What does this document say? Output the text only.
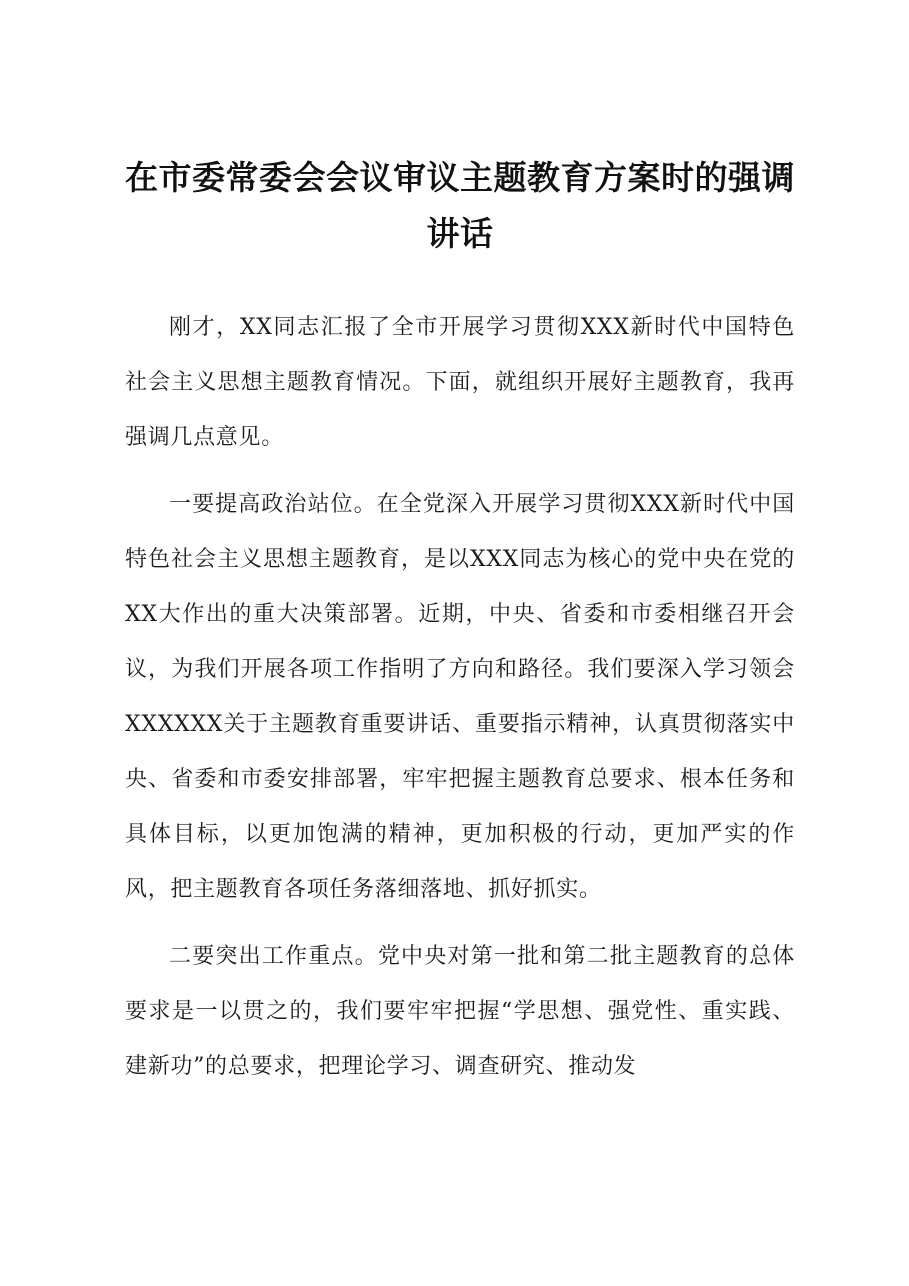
在市委常委会会议审议主题教育方案时的强调讲话

刚才，XX同志汇报了全市开展学习贯彻XXX新时代中国特色社会主义思想主题教育情况。下面，就组织开展好主题教育，我再强调几点意见。

一要提高政治站位。在全党深入开展学习贯彻XXX新时代中国特色社会主义思想主题教育，是以XXX同志为核心的党中央在党的XX大作出的重大决策部署。近期，中央、省委和市委相继召开会议，为我们开展各项工作指明了方向和路径。我们要深入学习领会XXXXXX关于主题教育重要讲话、重要指示精神，认真贯彻落实中央、省委和市委安排部署，牢牢把握主题教育总要求、根本任务和具体目标，以更加饱满的精神，更加积极的行动，更加严实的作风，把主题教育各项任务落细落地、抓好抓实。

二要突出工作重点。党中央对第一批和第二批主题教育的总体要求是一以贯之的，我们要牢牢把握“学思想、强党性、重实践、建新功”的总要求，把理论学习、调查研究、推动发
